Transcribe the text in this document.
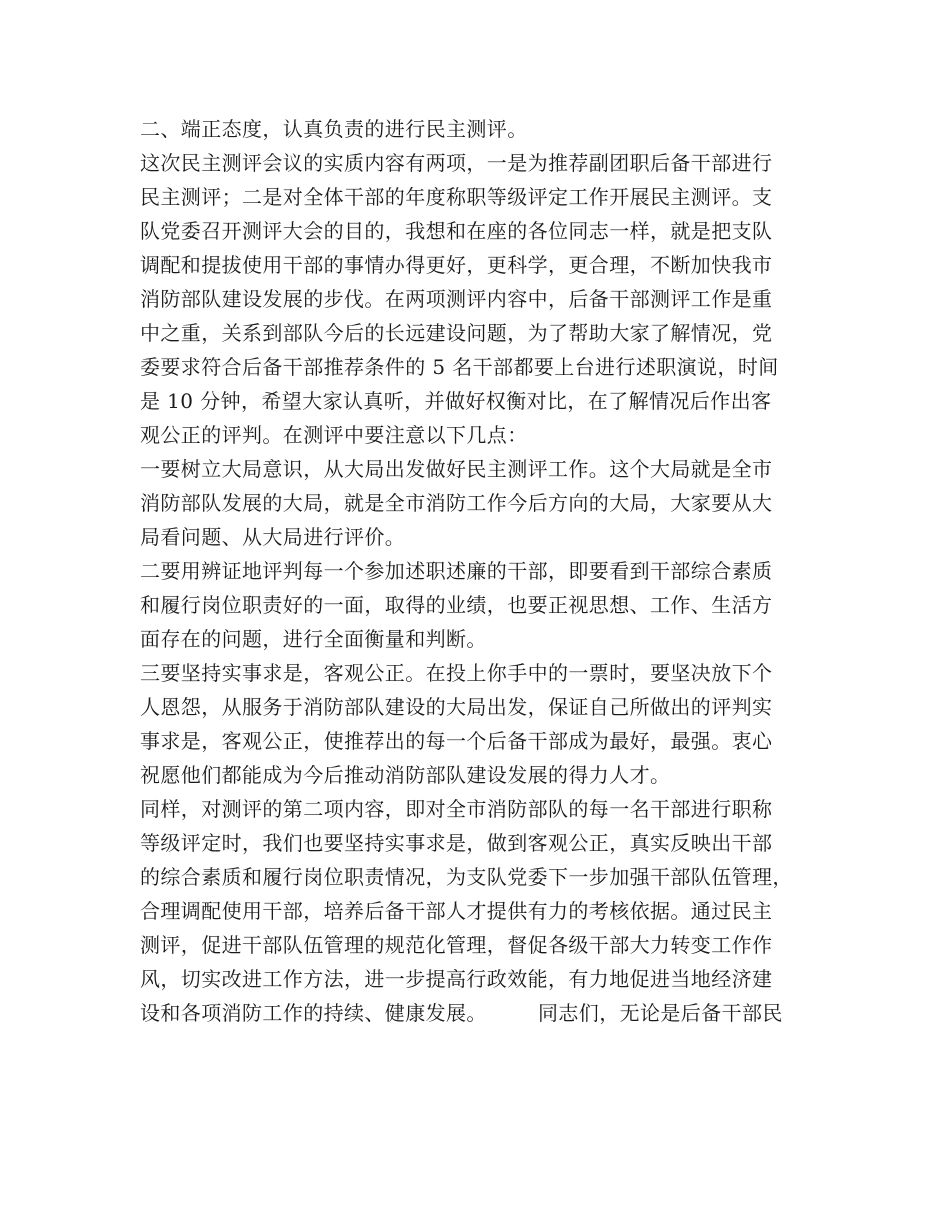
二、端正态度，认真负责的进行民主测评。
这次民主测评会议的实质内容有两项，一是为推荐副团职后备干部进行
民主测评；二是对全体干部的年度称职等级评定工作开展民主测评。支
队党委召开测评大会的目的，我想和在座的各位同志一样，就是把支队
调配和提拔使用干部的事情办得更好，更科学，更合理，不断加快我市
消防部队建设发展的步伐。在两项测评内容中，后备干部测评工作是重
中之重，关系到部队今后的长远建设问题，为了帮助大家了解情况，党
委要求符合后备干部推荐条件的 5 名干部都要上台进行述职演说，时间
是 10 分钟，希望大家认真听，并做好权衡对比，在了解情况后作出客
观公正的评判。在测评中要注意以下几点：
一要树立大局意识，从大局出发做好民主测评工作。这个大局就是全市
消防部队发展的大局，就是全市消防工作今后方向的大局，大家要从大
局看问题、从大局进行评价。
二要用辨证地评判每一个参加述职述廉的干部，即要看到干部综合素质
和履行岗位职责好的一面，取得的业绩，也要正视思想、工作、生活方
面存在的问题，进行全面衡量和判断。
三要坚持实事求是，客观公正。在投上你手中的一票时，要坚决放下个
人恩怨，从服务于消防部队建设的大局出发，保证自己所做出的评判实
事求是，客观公正，使推荐出的每一个后备干部成为最好，最强。衷心
祝愿他们都能成为今后推动消防部队建设发展的得力人才。
同样，对测评的第二项内容，即对全市消防部队的每一名干部进行职称
等级评定时，我们也要坚持实事求是，做到客观公正，真实反映出干部
的综合素质和履行岗位职责情况，为支队党委下一步加强干部队伍管理，
合理调配使用干部，培养后备干部人才提供有力的考核依据。通过民主
测评，促进干部队伍管理的规范化管理，督促各级干部大力转变工作作
风，切实改进工作方法，进一步提高行政效能，有力地促进当地经济建
设和各项消防工作的持续、健康发展。　　　同志们，无论是后备干部民
